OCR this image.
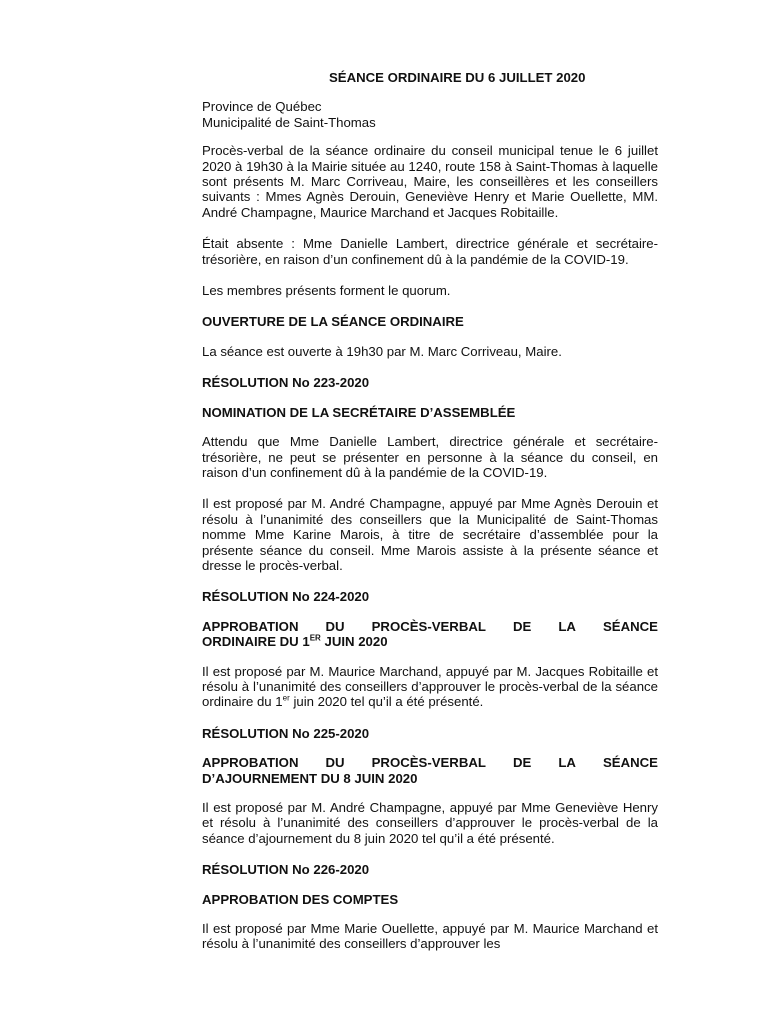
SÉANCE ORDINAIRE DU 6 JUILLET 2020
Province de Québec
Municipalité de Saint-Thomas
Procès-verbal de la séance ordinaire du conseil municipal tenue le 6 juillet 2020 à 19h30 à la Mairie située au 1240, route 158 à Saint-Thomas à laquelle sont présents M. Marc Corriveau, Maire, les conseillères et les conseillers suivants : Mmes Agnès Derouin, Geneviève Henry et Marie Ouellette, MM. André Champagne, Maurice Marchand et Jacques Robitaille.
Était absente : Mme Danielle Lambert, directrice générale et secrétaire-trésorière, en raison d’un confinement dû à la pandémie de la COVID-19.
Les membres présents forment le quorum.
OUVERTURE DE LA SÉANCE ORDINAIRE
La séance est ouverte à 19h30 par M. Marc Corriveau, Maire.
RÉSOLUTION No 223-2020
NOMINATION DE LA SECRÉTAIRE D’ASSEMBLÉE
Attendu que Mme Danielle Lambert, directrice générale et secrétaire-trésorière, ne peut se présenter en personne à la séance du conseil, en raison d’un confinement dû à la pandémie de la COVID-19.
Il est proposé par M. André Champagne, appuyé par Mme Agnès Derouin et résolu à l’unanimité des conseillers que la Municipalité de Saint-Thomas nomme Mme Karine Marois, à titre de secrétaire d’assemblée pour la présente séance du conseil. Mme Marois assiste à la présente séance et dresse le procès-verbal.
RÉSOLUTION No 224-2020
APPROBATION DU PROCÈS-VERBAL DE LA SÉANCE
ORDINAIRE DU 1ER JUIN 2020
Il est proposé par M. Maurice Marchand, appuyé par M. Jacques Robitaille et résolu à l’unanimité des conseillers d’approuver le procès-verbal de la séance ordinaire du 1er juin 2020 tel qu’il a été présenté.
RÉSOLUTION No 225-2020
APPROBATION DU PROCÈS-VERBAL DE LA SÉANCE
D’AJOURNEMENT DU 8 JUIN 2020
Il est proposé par M. André Champagne, appuyé par Mme Geneviève Henry et résolu à l’unanimité des conseillers d’approuver le procès-verbal de la séance d’ajournement du 8 juin 2020 tel qu’il a été présenté.
RÉSOLUTION No 226-2020
APPROBATION DES COMPTES
Il est proposé par Mme Marie Ouellette, appuyé par M. Maurice Marchand et résolu à l’unanimité des conseillers d’approuver les
